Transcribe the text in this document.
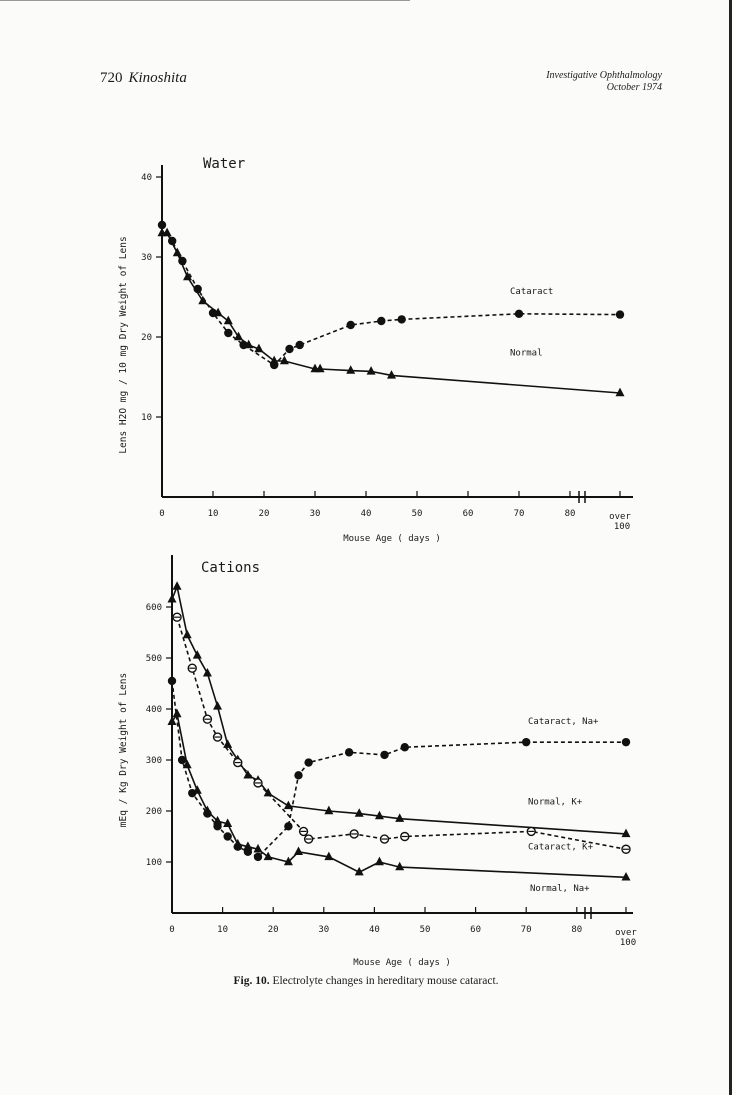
720 Kinoshita	Investigative Ophthalmology
October 1974
0	10	20	30	40	50	60	70	80	over
100
10
20
30
40
Water
Mouse Age ( days )
Lens H2O mg / 10 mg Dry Weight of Lens	Cataract
Normal
0	10	20	30	40	50	60	70	80	over
100
100
200
300
400
500
600
Cations
Mouse Age ( days )
mEq / Kg Dry Weight of Lens	Cataract, Na+
Normal, K+
Cataract, K+
Normal, Na+
Fig. 10. Electrolyte changes in hereditary mouse cataract.
